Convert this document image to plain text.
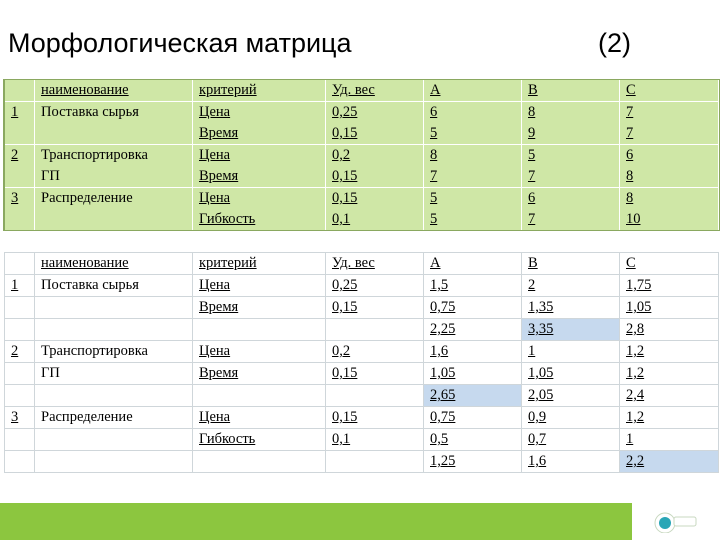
Морфологическая матрица	(2)
	наименование	критерий	Уд. вес	A	B	C
1	Поставка сырья	Цена	0,25	6	8	7
		Время	0,15	5	9	7
2	Транспортировка	Цена	0,2	8	5	6
	ГП	Время	0,15	7	7	8
3	Распределение	Цена	0,15	5	6	8
		Гибкость	0,1	5	7	10
	наименование	критерий	Уд. вес	A	B	C
1	Поставка сырья	Цена	0,25	1,5	2	1,75
		Время	0,15	0,75	1,35	1,05
				2,25	3,35	2,8
2	Транспортировка	Цена	0,2	1,6	1	1,2
	ГП	Время	0,15	1,05	1,05	1,2
				2,65	2,05	2,4
3	Распределение	Цена	0,15	0,75	0,9	1,2
		Гибкость	0,1	0,5	0,7	1
				1,25	1,6	2,2
